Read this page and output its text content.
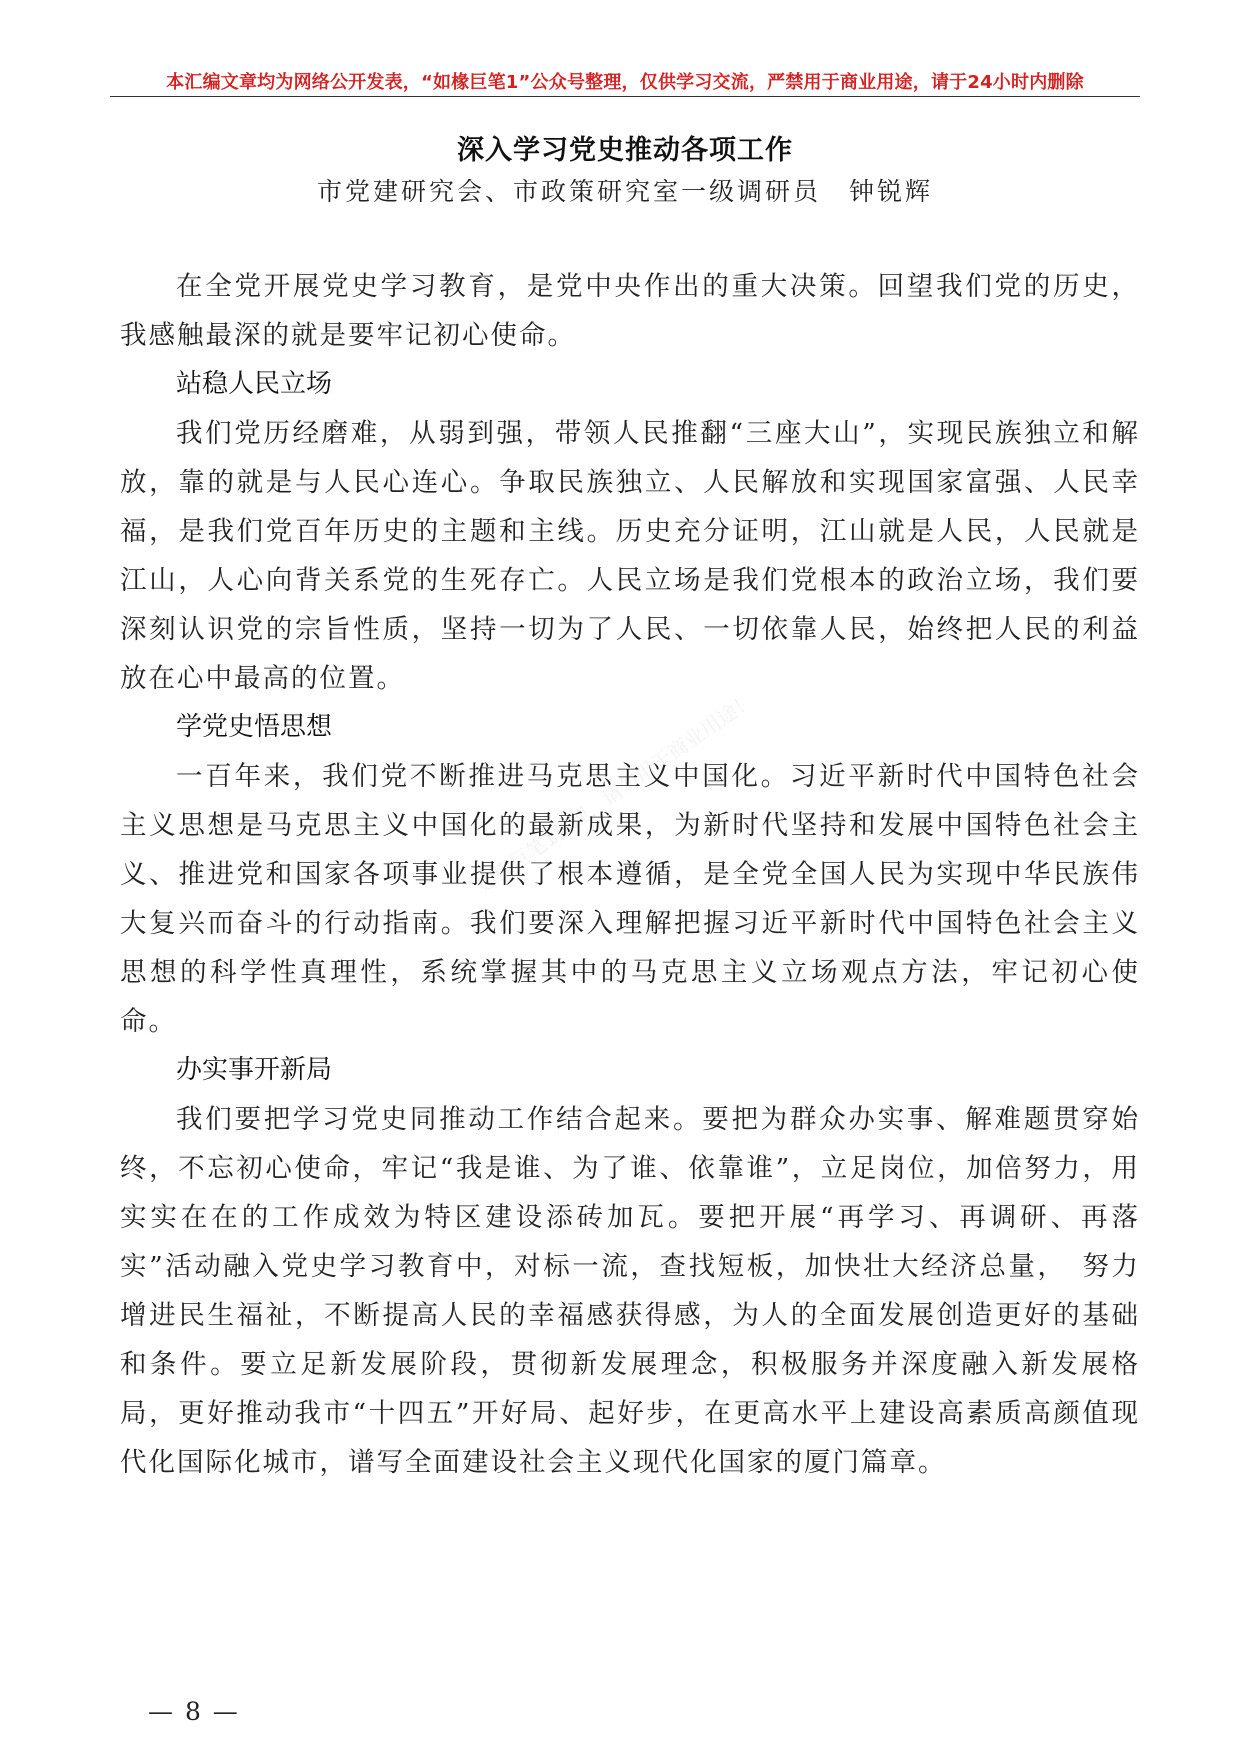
本汇编文章均为网络公开发表，“如椽巨笔1”公众号整理，仅供学习交流，严禁用于商业用途，请于24小时内删除
深入学习党史推动各项工作
市党建研究会、市政策研究室一级调研员　钟锐辉

在全党开展党史学习教育，是党中央作出的重大决策。回望我们党的历史，我感触最深的就是要牢记初心使命。

站稳人民立场

我们党历经磨难，从弱到强，带领人民推翻“三座大山”，实现民族独立和解放，靠的就是与人民心连心。争取民族独立、人民解放和实现国家富强、人民幸福，是我们党百年历史的主题和主线。历史充分证明，江山就是人民，人民就是江山，人心向背关系党的生死存亡。人民立场是我们党根本的政治立场，我们要深刻认识党的宗旨性质，坚持一切为了人民、一切依靠人民，始终把人民的利益放在心中最高的位置。

学党史悟思想

一百年来，我们党不断推进马克思主义中国化。习近平新时代中国特色社会主义思想是马克思主义中国化的最新成果，为新时代坚持和发展中国特色社会主义、推进党和国家各项事业提供了根本遵循，是全党全国人民为实现中华民族伟大复兴而奋斗的行动指南。我们要深入理解把握习近平新时代中国特色社会主义思想的科学性真理性，系统掌握其中的马克思主义立场观点方法，牢记初心使命。

办实事开新局

我们要把学习党史同推动工作结合起来。要把为群众办实事、解难题贯穿始终，不忘初心使命，牢记“我是谁、为了谁、依靠谁”，立足岗位，加倍努力，用实实在在的工作成效为特区建设添砖加瓦。要把开展“再学习、再调研、再落实”活动融入党史学习教育中，对标一流，查找短板，加快壮大经济总量，　努力增进民生福祉，不断提高人民的幸福感获得感，为人的全面发展创造更好的基础和条件。要立足新发展阶段，贯彻新发展理念，积极服务并深度融入新发展格局，更好推动我市“十四五”开好局、起好步，在更高水平上建设高素质高颜值现代化国际化城市，谱写全面建设社会主义现代化国家的厦门篇章。

如椽巨笔1整理，请勿用于商业用途！
— 8 —
